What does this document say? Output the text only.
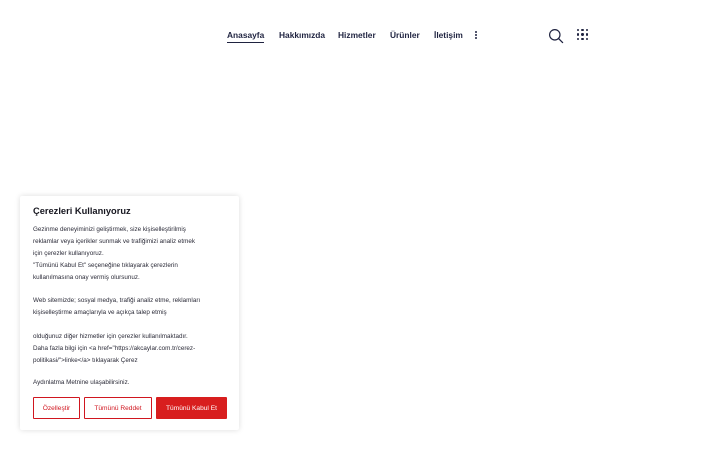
Anasayfa Hakkımızda Hizmetler Ürünler İletişim
Çerezleri Kullanıyoruz

Gezinme deneyiminizi geliştirmek, size kişiselleştirilmiş

reklamlar veya içerikler sunmak ve trafiğimizi analiz etmek

için çerezler kullanıyoruz.

"Tümünü Kabul Et" seçeneğine tıklayarak çerezlerin

kullanılmasına onay vermiş olursunuz.

Web sitemizde; sosyal medya, trafiği analiz etme, reklamları

kişiselleştirme amaçlarıyla ve açıkça talep etmiş

olduğunuz diğer hizmetler için çerezler kullanılmaktadır.

Daha fazla bilgi için <a href="https://akcaylar.com.tr/cerez-

politikasi/">linke</a> tıklayarak Çerez

Aydınlatma Metnine ulaşabilirsiniz.

Özelleştir	Tümünü Reddet	Tümünü Kabul Et
